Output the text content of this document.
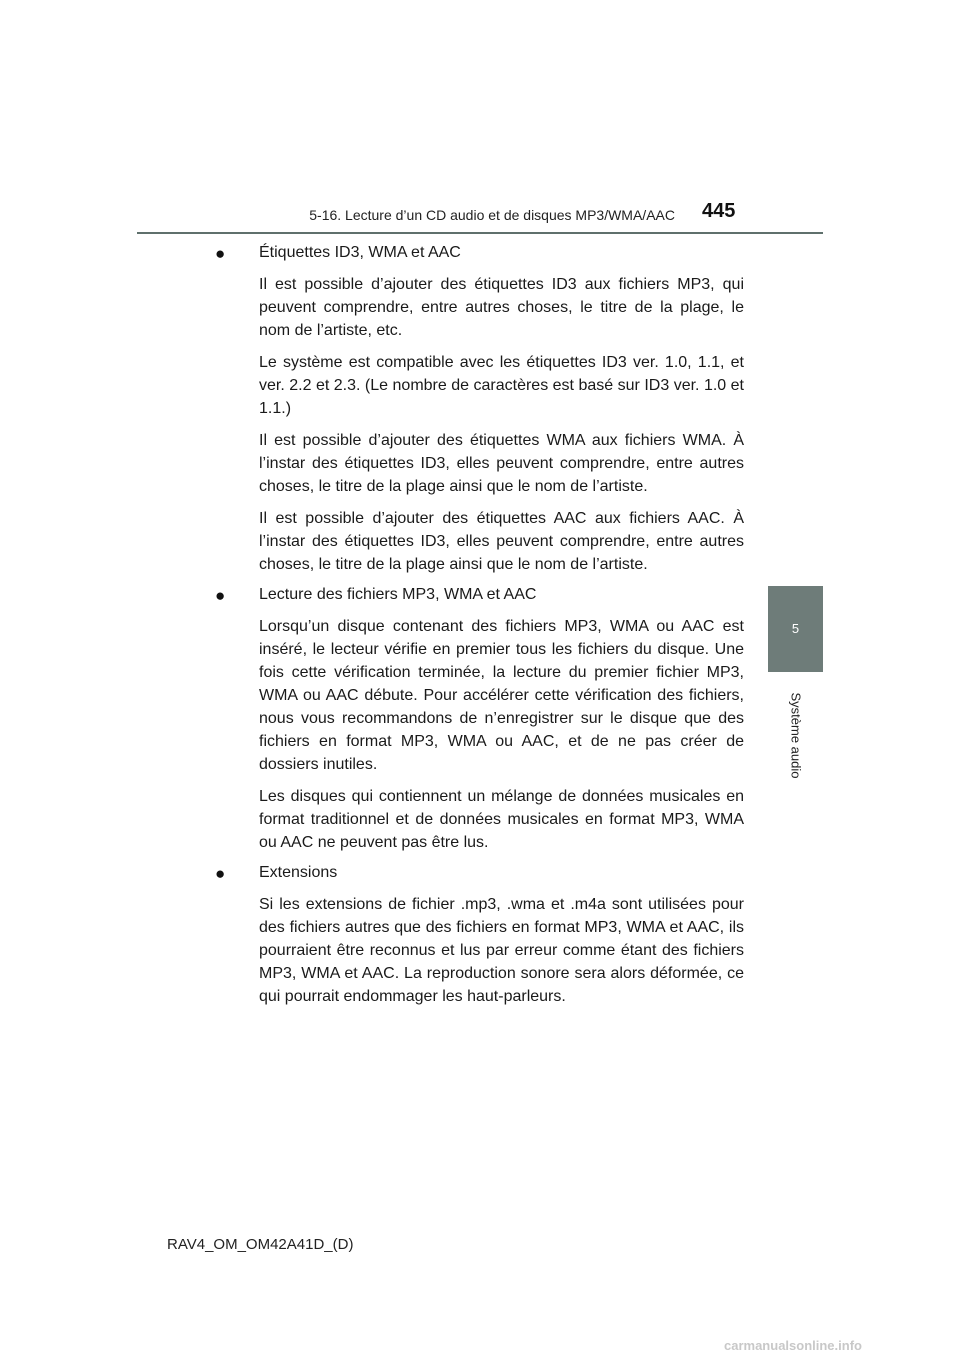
5-16. Lecture d’un CD audio et de disques MP3/WMA/AAC 445
5
Système audio
● Étiquettes ID3, WMA et AAC

Il est possible d’ajouter des étiquettes ID3 aux fichiers MP3, qui peuvent comprendre, entre autres choses, le titre de la plage, le nom de l’artiste, etc.

Le système est compatible avec les étiquettes ID3 ver. 1.0, 1.1, et ver. 2.2 et 2.3. (Le nombre de caractères est basé sur ID3 ver. 1.0 et 1.1.)

Il est possible d’ajouter des étiquettes WMA aux fichiers WMA. À l’instar des étiquettes ID3, elles peuvent comprendre, entre autres choses, le titre de la plage ainsi que le nom de l’artiste.

Il est possible d’ajouter des étiquettes AAC aux fichiers AAC. À l’instar des étiquettes ID3, elles peuvent comprendre, entre autres choses, le titre de la plage ainsi que le nom de l’artiste.

● Lecture des fichiers MP3, WMA et AAC

Lorsqu’un disque contenant des fichiers MP3, WMA ou AAC est inséré, le lecteur vérifie en premier tous les fichiers du disque. Une fois cette vérification terminée, la lecture du premier fichier MP3, WMA ou AAC débute. Pour accélérer cette vérification des fichiers, nous vous recommandons de n’enregistrer sur le disque que des fichiers en format MP3, WMA ou AAC, et de ne pas créer de dossiers inutiles.

Les disques qui contiennent un mélange de données musicales en format traditionnel et de données musicales en format MP3, WMA ou AAC ne peuvent pas être lus.

● Extensions

Si les extensions de fichier .mp3, .wma et .m4a sont utilisées pour des fichiers autres que des fichiers en format MP3, WMA et AAC, ils pourraient être reconnus et lus par erreur comme étant des fichiers MP3, WMA et AAC. La reproduction sonore sera alors déformée, ce qui pourrait endommager les haut-parleurs.

RAV4_OM_OM42A41D_(D)
carmanualsonline.info
